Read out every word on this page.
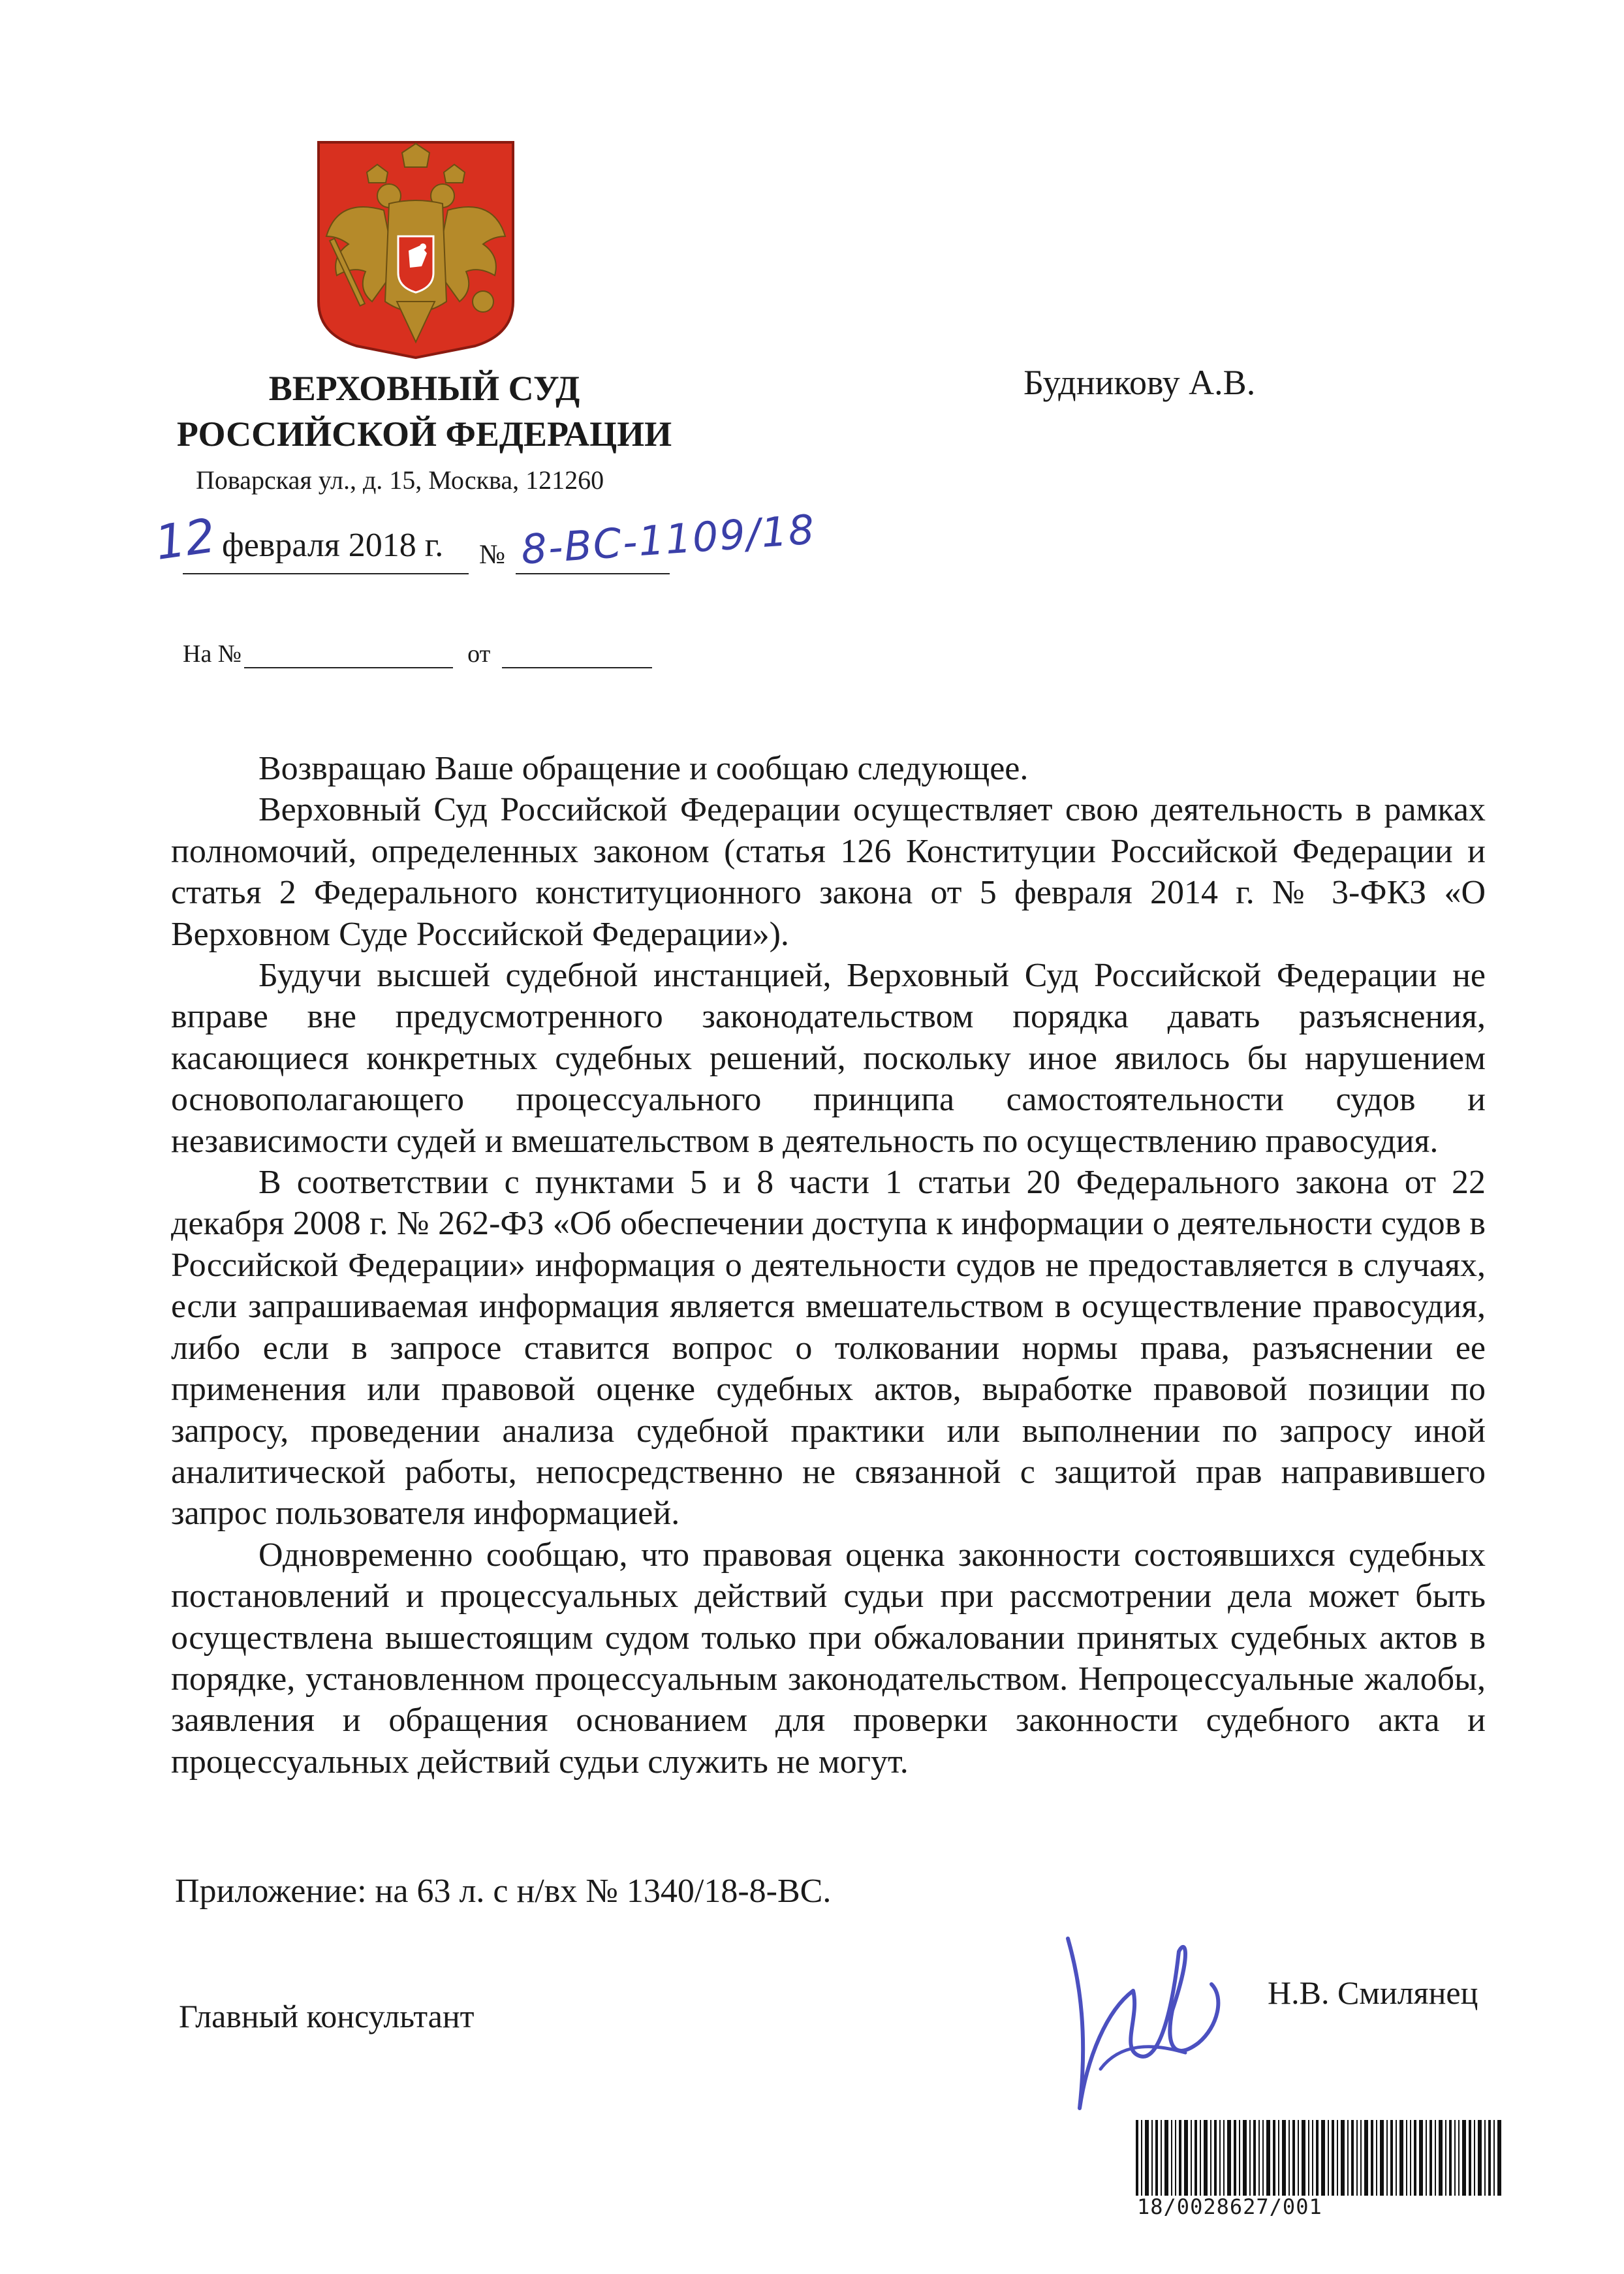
ВЕРХОВНЫЙ СУД
РОССИЙСКОЙ ФЕДЕРАЦИИ
Поварская ул., д. 15, Москва, 121260
Будникову А.В.
12 февраля 2018 г. № 8-ВС-1109/18
На №	от

Возвращаю Ваше обращение и сообщаю следующее.

Верховный Суд Российской Федерации осуществляет свою деятельность в рамках полномочий, определенных законом (статья 126 Конституции Российской Федерации и статья 2 Федерального конституционного закона от 5 февраля 2014 г. № 3-ФКЗ «О Верховном Суде Российской Федерации»).

Будучи высшей судебной инстанцией, Верховный Суд Российской Федерации не вправе вне предусмотренного законодательством порядка давать разъяснения, касающиеся конкретных судебных решений, поскольку иное явилось бы нарушением основополагающего процессуального принципа самостоятельности судов и независимости судей и вмешательством в деятельность по осуществлению правосудия.

В соответствии с пунктами 5 и 8 части 1 статьи 20 Федерального закона от 22 декабря 2008 г. № 262-ФЗ «Об обеспечении доступа к информации о деятельности судов в Российской Федерации» информация о деятельности судов не предоставляется в случаях, если запрашиваемая информация является вмешательством в осуществление правосудия, либо если в запросе ставится вопрос о толковании нормы права, разъяснении ее применения или правовой оценке судебных актов, выработке правовой позиции по запросу, проведении анализа судебной практики или выполнении по запросу иной аналитической работы, непосредственно не связанной с защитой прав направившего запрос пользователя информацией.

Одновременно сообщаю, что правовая оценка законности состоявшихся судебных постановлений и процессуальных действий судьи при рассмотрении дела может быть осуществлена вышестоящим судом только при обжаловании принятых судебных актов в порядке, установленном процессуальным законодательством. Непроцессуальные жалобы, заявления и обращения основанием для проверки законности судебного акта и процессуальных действий судьи служить не могут.

Приложение: на 63 л. с н/вх № 1340/18-8-ВС.
Главный консультант
Н.В. Смилянец
18/0028627/001
